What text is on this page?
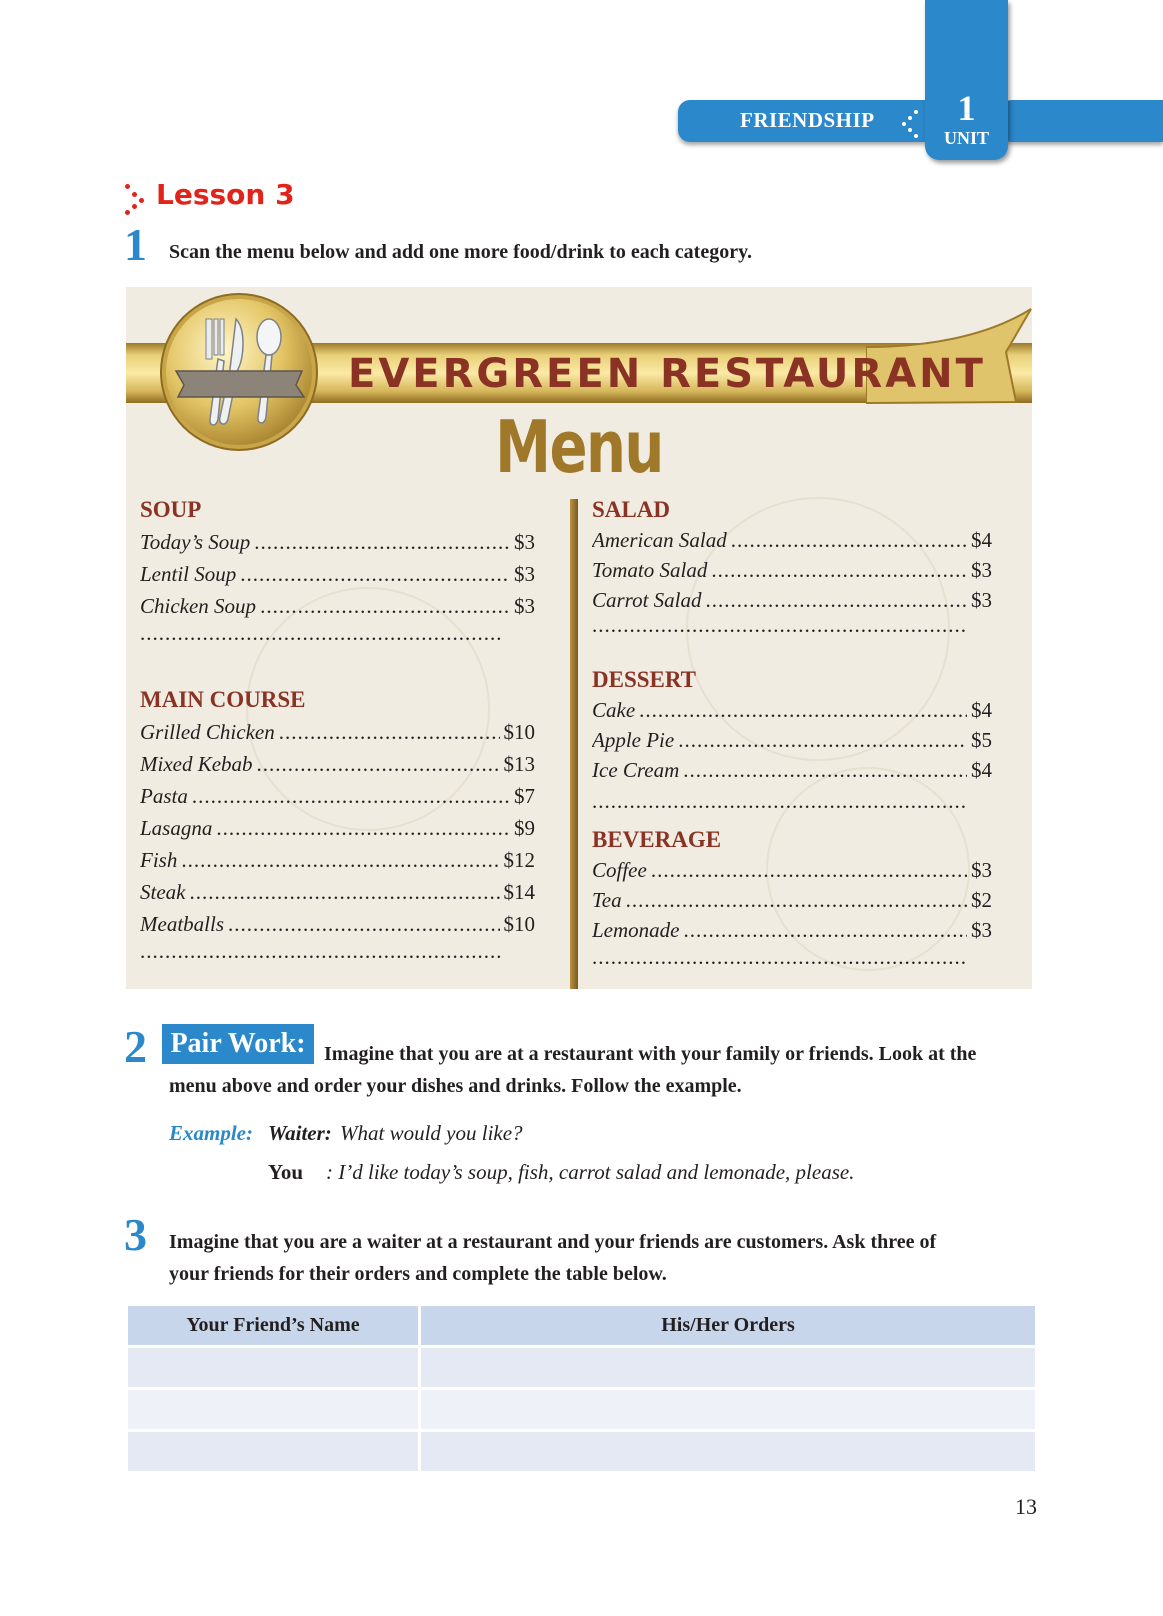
FRIENDSHIP	1
UNIT
Lesson 3
1 Scan the menu below and add one more food/drink to each category.
EVERGREEN RESTAURANT
Menu
SOUP
Today’s Soup .....	$3
Lentil Soup .....	$3
Chicken Soup .....	$3
.....
MAIN COURSE
Grilled Chicken .....	$10
Mixed Kebab .....	$13
Pasta .....	$7
Lasagna .....	$9
Fish .....	$12
Steak .....	$14
Meatballs .....	$10
.....
SALAD
American Salad .....	$4
Tomato Salad .....	$3
Carrot Salad .....	$3
.....
DESSERT
Cake .....	$4
Apple Pie .....	$5
Ice Cream .....	$4
.....
BEVERAGE
Coffee .....	$3
Tea .....	$2
Lemonade .....	$3
.....
2 Pair Work: Imagine that you are at a restaurant with your family or friends. Look at the
menu above and order your dishes and drinks. Follow the example.
Example: Waiter: What would you like?
You : I’d like today’s soup, fish, carrot salad and lemonade, please.
3 Imagine that you are a waiter at a restaurant and your friends are customers. Ask three of
your friends for their orders and complete the table below.
Your Friend’s Name	His/Her Orders
13
